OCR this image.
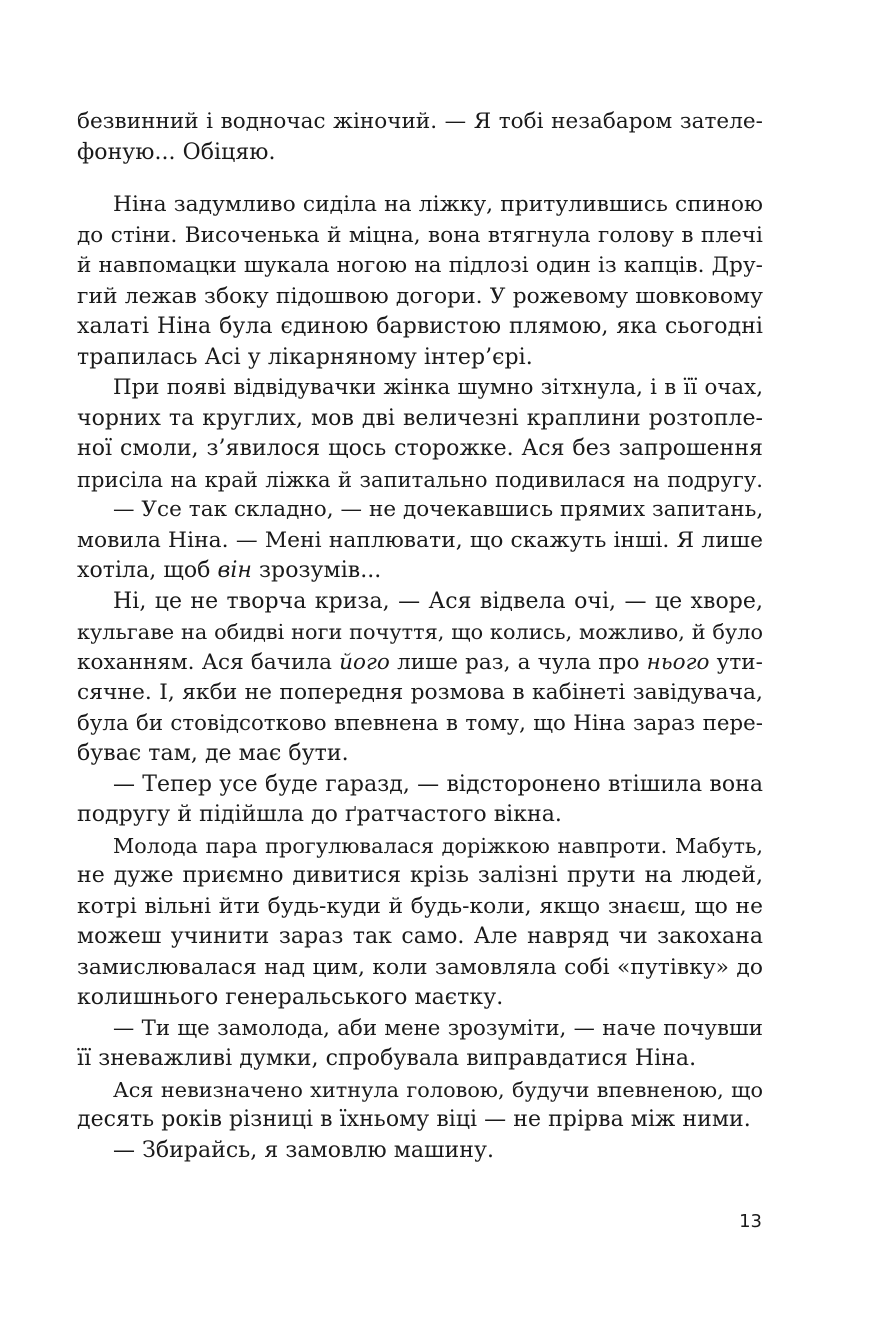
безвинний і водночас жіночий. — Я тобі незабаром зателе-
фоную... Обіцяю.
Ніна задумливо сиділа на ліжку, притулившись спиною
до стіни. Височенька й міцна, вона втягнула голову в плечі
й навпомацки шукала ногою на підлозі один із капців. Дру-
гий лежав збоку підошвою догори. У рожевому шовковому
халаті Ніна була єдиною барвистою плямою, яка сьогодні
трапилась Асі у лікарняному інтер’єрі.
При появі відвідувачки жінка шумно зітхнула, і в її очах,
чорних та круглих, мов дві величезні краплини розтопле-
ної смоли, з’явилося щось сторожке. Ася без запрошення
присіла на край ліжка й запитально подивилася на подругу.
— Усе так складно, — не дочекавшись прямих запитань,
мовила Ніна. — Мені наплювати, що скажуть інші. Я лише
хотіла, щоб він зрозумів...
Ні, це не творча криза, — Ася відвела очі, — це хворе,
кульгаве на обидві ноги почуття, що колись, можливо, й було
коханням. Ася бачила його лише раз, а чула про нього ути-
сячне. І, якби не попередня розмова в кабінеті завідувача,
була би стовідсотково впевнена в тому, що Ніна зараз пере-
буває там, де має бути.
— Тепер усе буде гаразд, — відсторонено втішила вона
подругу й підійшла до ґратчастого вікна.
Молода пара прогулювалася доріжкою навпроти. Мабуть,
не дуже приємно дивитися крізь залізні прути на людей,
котрі вільні йти будь-куди й будь-коли, якщо знаєш, що не
можеш учинити зараз так само. Але навряд чи закохана
замислювалася над цим, коли замовляла собі «путівку» до
колишнього генеральського маєтку.
— Ти ще замолода, аби мене зрозуміти, — наче почувши
її зневажливі думки, спробувала виправдатися Ніна.
Ася невизначено хитнула головою, будучи впевненою, що
десять років різниці в їхньому віці — не прірва між ними.
— Збирайсь, я замовлю машину.
13
